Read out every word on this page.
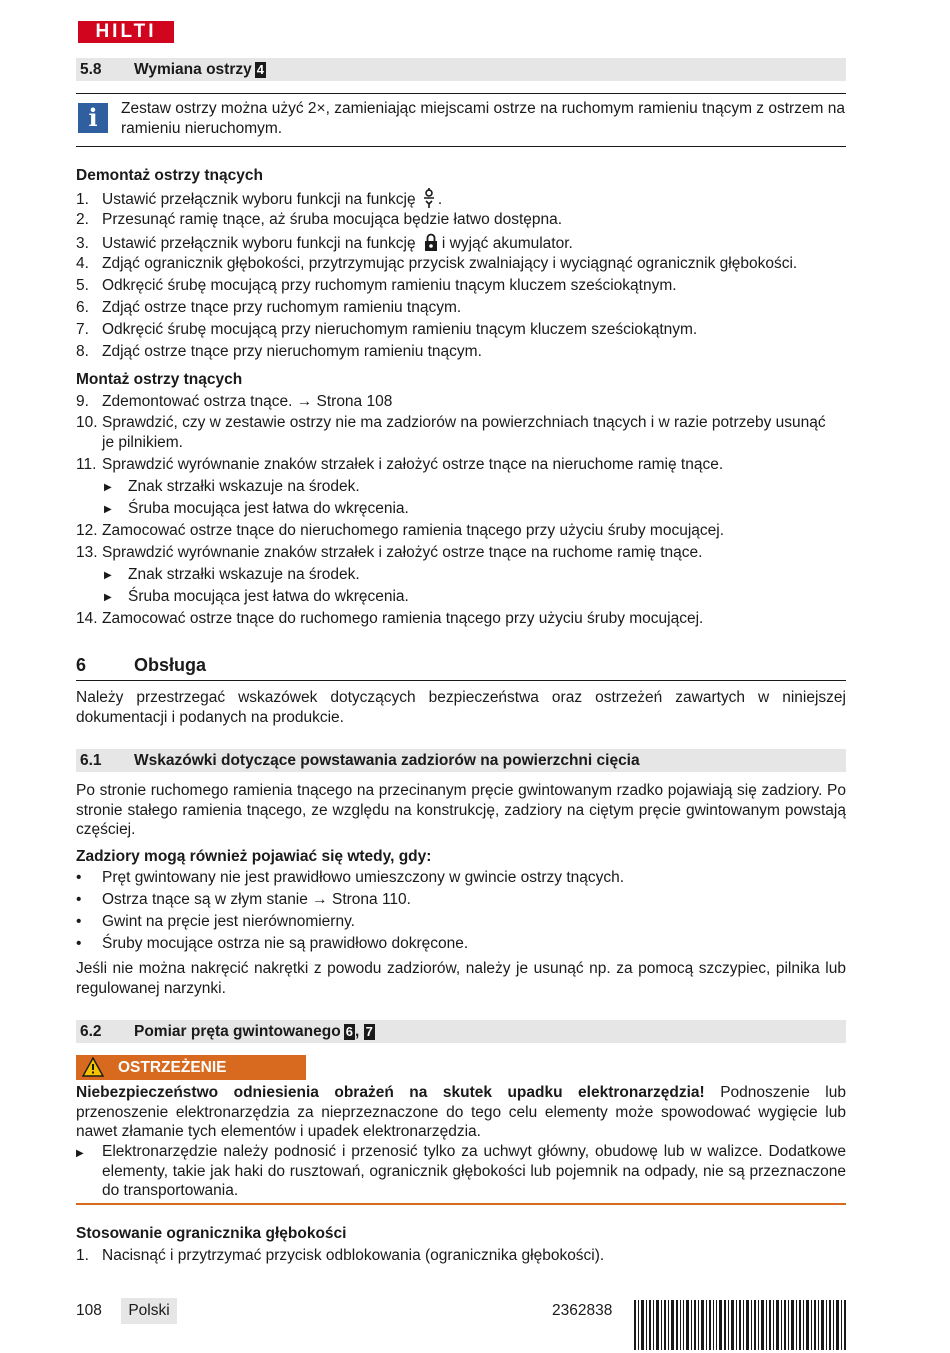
HILTI
5.8 Wymiana ostrzy 4
i	Zestaw ostrzy można użyć 2×, zamieniając miejscami ostrze na ruchomym ramieniu tnącym z ostrzem na ramieniu nieruchomym.
Demontaż ostrzy tnących
1. Ustawić przełącznik wyboru funkcji na funkcję .
2. Przesunąć ramię tnące, aż śruba mocująca będzie łatwo dostępna.
3. Ustawić przełącznik wyboru funkcji na funkcję i wyjąć akumulator.
4. Zdjąć ogranicznik głębokości, przytrzymując przycisk zwalniający i wyciągnąć ogranicznik głębokości.
5. Odkręcić śrubę mocującą przy ruchomym ramieniu tnącym kluczem sześciokątnym.
6. Zdjąć ostrze tnące przy ruchomym ramieniu tnącym.
7. Odkręcić śrubę mocującą przy nieruchomym ramieniu tnącym kluczem sześciokątnym.
8. Zdjąć ostrze tnące przy nieruchomym ramieniu tnącym.
Montaż ostrzy tnących
9. Zdemontować ostrza tnące. → Strona 108
10. Sprawdzić, czy w zestawie ostrzy nie ma zadziorów na powierzchniach tnących i w razie potrzeby usunąć
je pilnikiem.
11. Sprawdzić wyrównanie znaków strzałek i założyć ostrze tnące na nieruchome ramię tnące.
▶ Znak strzałki wskazuje na środek.
▶ Śruba mocująca jest łatwa do wkręcenia.
12. Zamocować ostrze tnące do nieruchomego ramienia tnącego przy użyciu śruby mocującej.
13. Sprawdzić wyrównanie znaków strzałek i założyć ostrze tnące na ruchome ramię tnące.
▶ Znak strzałki wskazuje na środek.
▶ Śruba mocująca jest łatwa do wkręcenia.
14. Zamocować ostrze tnące do ruchomego ramienia tnącego przy użyciu śruby mocującej.
6	Obsługa
Należy przestrzegać wskazówek dotyczących bezpieczeństwa oraz ostrzeżeń zawartych w niniejszej dokumentacji i podanych na produkcie.
6.1 Wskazówki dotyczące powstawania zadziorów na powierzchni cięcia
Po stronie ruchomego ramienia tnącego na przecinanym pręcie gwintowanym rzadko pojawiają się zadziory. Po stronie stałego ramienia tnącego, ze względu na konstrukcję, zadziory na ciętym pręcie gwintowanym powstają częściej.
Zadziory mogą również pojawiać się wtedy, gdy:
• Pręt gwintowany nie jest prawidłowo umieszczony w gwincie ostrzy tnących.
• Ostrza tnące są w złym stanie → Strona 110.
• Gwint na pręcie jest nierównomierny.
• Śruby mocujące ostrza nie są prawidłowo dokręcone.
Jeśli nie można nakręcić nakrętki z powodu zadziorów, należy je usunąć np. za pomocą szczypiec, pilnika lub regulowanej narzynki.
6.2 Pomiar pręta gwintowanego 6 , 7
OSTRZEŻENIE
Niebezpieczeństwo odniesienia obrażeń na skutek upadku elektronarzędzia! Podnoszenie lub przenoszenie elektronarzędzia za nieprzeznaczone do tego celu elementy może spowodować wygięcie lub nawet złamanie tych elementów i upadek elektronarzędzia.
▶	Elektronarzędzie należy podnosić i przenosić tylko za uchwyt główny, obudowę lub w walizce. Dodatkowe elementy, takie jak haki do rusztowań, ogranicznik głębokości lub pojemnik na odpady, nie są przeznaczone do transportowania.
Stosowanie ogranicznika głębokości
1. Nacisnąć i przytrzymać przycisk odblokowania (ogranicznika głębokości).
108	Polski	2362838
